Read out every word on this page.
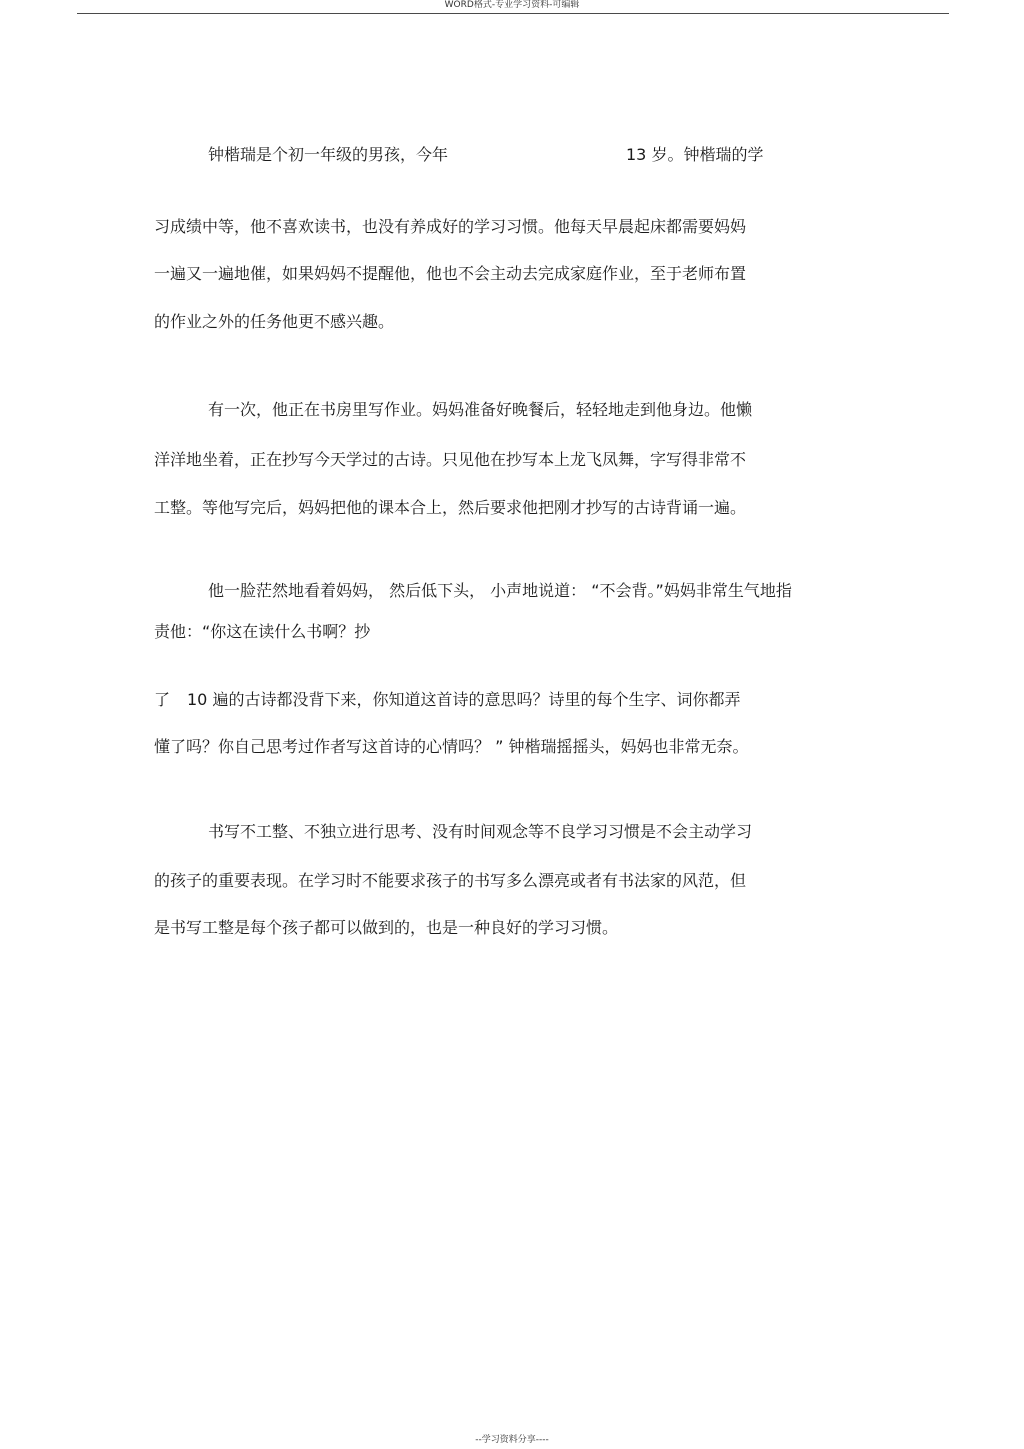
WORD格式-专业学习资料-可编辑
钟楷瑞是个初一年级的男孩，今年	13 岁。钟楷瑞的学
习成绩中等，他不喜欢读书，也没有养成好的学习习惯。他每天早晨起床都需要妈妈
一遍又一遍地催，如果妈妈不提醒他，他也不会主动去完成家庭作业，至于老师布置
的作业之外的任务他更不感兴趣。
有一次，他正在书房里写作业。妈妈准备好晚餐后，轻轻地走到他身边。他懒
洋洋地坐着，正在抄写今天学过的古诗。只见他在抄写本上龙飞凤舞，字写得非常不
工整。等他写完后，妈妈把他的课本合上，然后要求他把刚才抄写的古诗背诵一遍。
他一脸茫然地看着妈妈， 然后低下头， 小声地说道： “不会背。”妈妈非常生气地指
责他：“你这在读什么书啊？抄
了 10 遍的古诗都没背下来，你知道这首诗的意思吗？诗里的每个生字、词你都弄
懂了吗？你自己思考过作者写这首诗的心情吗？ ” 钟楷瑞摇摇头，妈妈也非常无奈。
书写不工整、不独立进行思考、没有时间观念等不良学习习惯是不会主动学习
的孩子的重要表现。在学习时不能要求孩子的书写多么漂亮或者有书法家的风范，但
是书写工整是每个孩子都可以做到的，也是一种良好的学习习惯。
--学习资料分享----
